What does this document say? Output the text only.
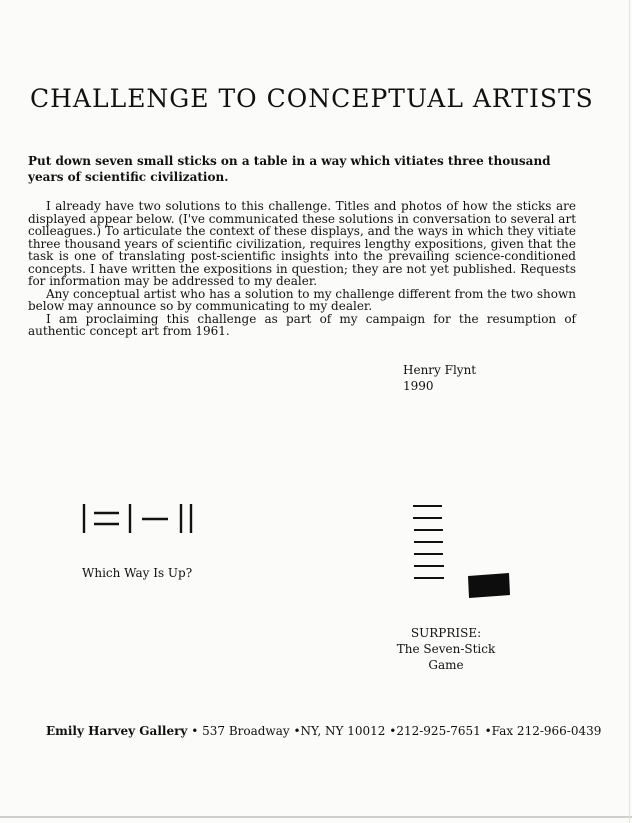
CHALLENGE TO CONCEPTUAL ARTISTS
Put down seven small sticks on a table in a way which vitiates three thousand years of scientific civilization.

I already have two solutions to this challenge. Titles and photos of how the sticks are displayed appear below. (I've communicated these solutions in conversation to several art colleagues.) To articulate the context of these displays, and the ways in which they vitiate three thousand years of scientific civilization, requires lengthy expositions, given that the task is one of translating post-scientific insights into the prevailing science-conditioned concepts. I have written the expositions in question; they are not yet published. Requests for information may be addressed to my dealer.

Any conceptual artist who has a solution to my challenge different from the two shown below may announce so by communicating to my dealer.

I am proclaiming this challenge as part of my campaign for the resumption of authentic concept art from 1961.

Henry Flynt
1990
Which Way Is Up?
SURPRISE:
The Seven-Stick Game
Emily Harvey Gallery • 537 Broadway •NY, NY 10012 •212-925-7651 •Fax 212-966-0439
